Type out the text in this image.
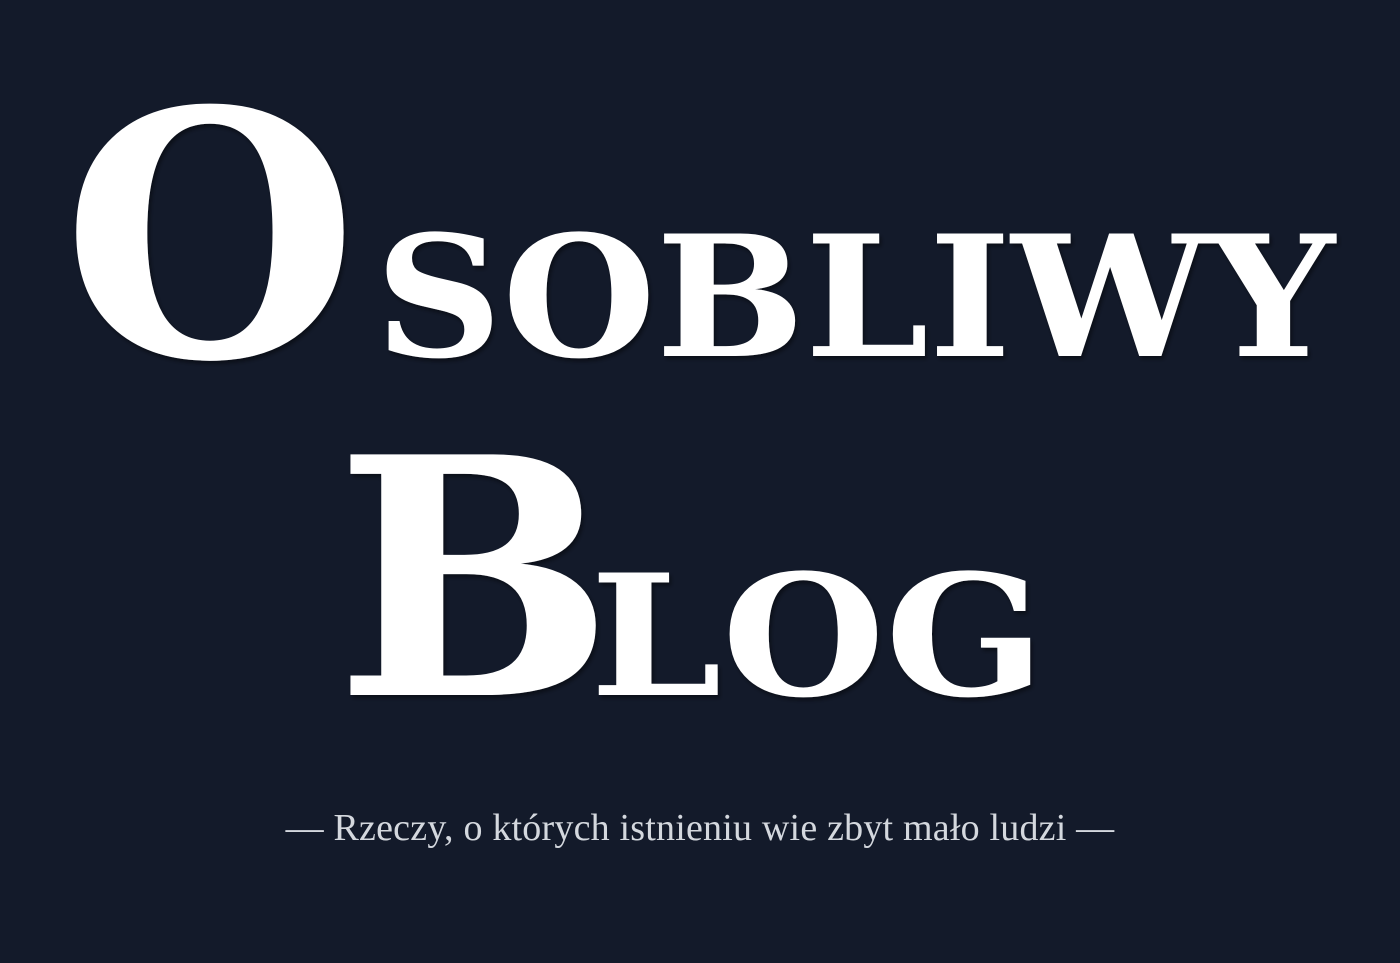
O SOBLIWY
B
LOG
— Rzeczy, o których istnieniu wie zbyt mało ludzi —
